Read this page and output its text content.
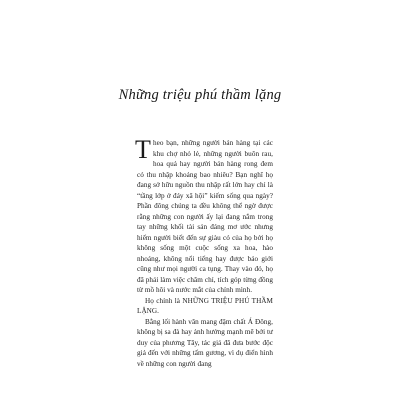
Những triệu phú thầm lặng

Theo bạn, những người bán hàng tại các khu chợ nhỏ lẻ, những người buôn rau, hoa quả hay người bán hàng rong đem có thu nhập khoảng bao nhiêu? Bạn nghĩ họ đang sở hữu nguồn thu nhập rất lớn hay chỉ là “tầng lớp ở đáy xã hội” kiếm sống qua ngày? Phần đông chúng ta đều không thể ngờ được rằng những con người ấy lại đang nắm trong tay những khối tài sản đáng mơ ước nhưng hiếm người biết đến sự giàu có của họ bởi họ không sống một cuộc sống xa hoa, hào nhoáng, không nổi tiếng hay được báo giới cũng như mọi người ca tụng. Thay vào đó, họ đã phải làm việc chăm chỉ, tích góp từng đồng từ mồ hôi và nước mắt của chính mình.

Họ chính là NHỮNG TRIỆU PHÚ THẦM LẶNG.

Bằng lối hành văn mang đậm chất Á Đông, không bị sa đà hay ảnh hưởng mạnh mẽ bởi tư duy của phương Tây, tác giả đã đưa bước độc giả đến với những tấm gương, vì dụ điển hình về những con người đang
